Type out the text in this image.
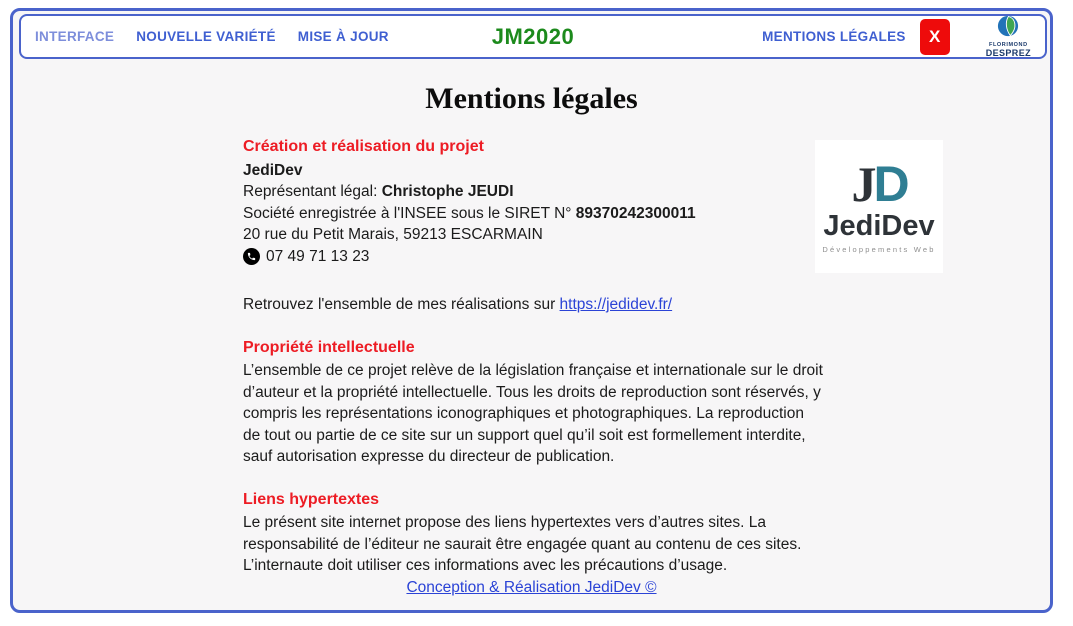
INTERFACE NOUVELLE VARIÉTÉ MISE À JOUR	JM2020	MENTIONS LÉGALES	X	FLORIMOND
DESPREZ
Mentions légales
Création et réalisation du projet
JediDev
Représentant légal: Christophe JEUDI
Société enregistrée à l'INSEE sous le SIRET N° 89370242300011
20 rue du Petit Marais, 59213 ESCARMAIN
07 49 71 13 23
Retrouvez l'ensemble de mes réalisations sur https://jedidev.fr/
Propriété intellectuelle
L’ensemble de ce projet relève de la législation française et internationale sur le droit d’auteur et la propriété intellectuelle. Tous les droits de reproduction sont réservés, y compris les représentations iconographiques et photographiques. La reproduction de tout ou partie de ce site sur un support quel qu’il soit est formellement interdite, sauf autorisation expresse du directeur de publication.
Liens hypertextes
Le présent site internet propose des liens hypertextes vers d’autres sites. La responsabilité de l’éditeur ne saurait être engagée quant au contenu de ces sites. L’internaute doit utiliser ces informations avec les précautions d’usage.
J D
JediDev
Développements Web
Conception & Réalisation JediDev ©
